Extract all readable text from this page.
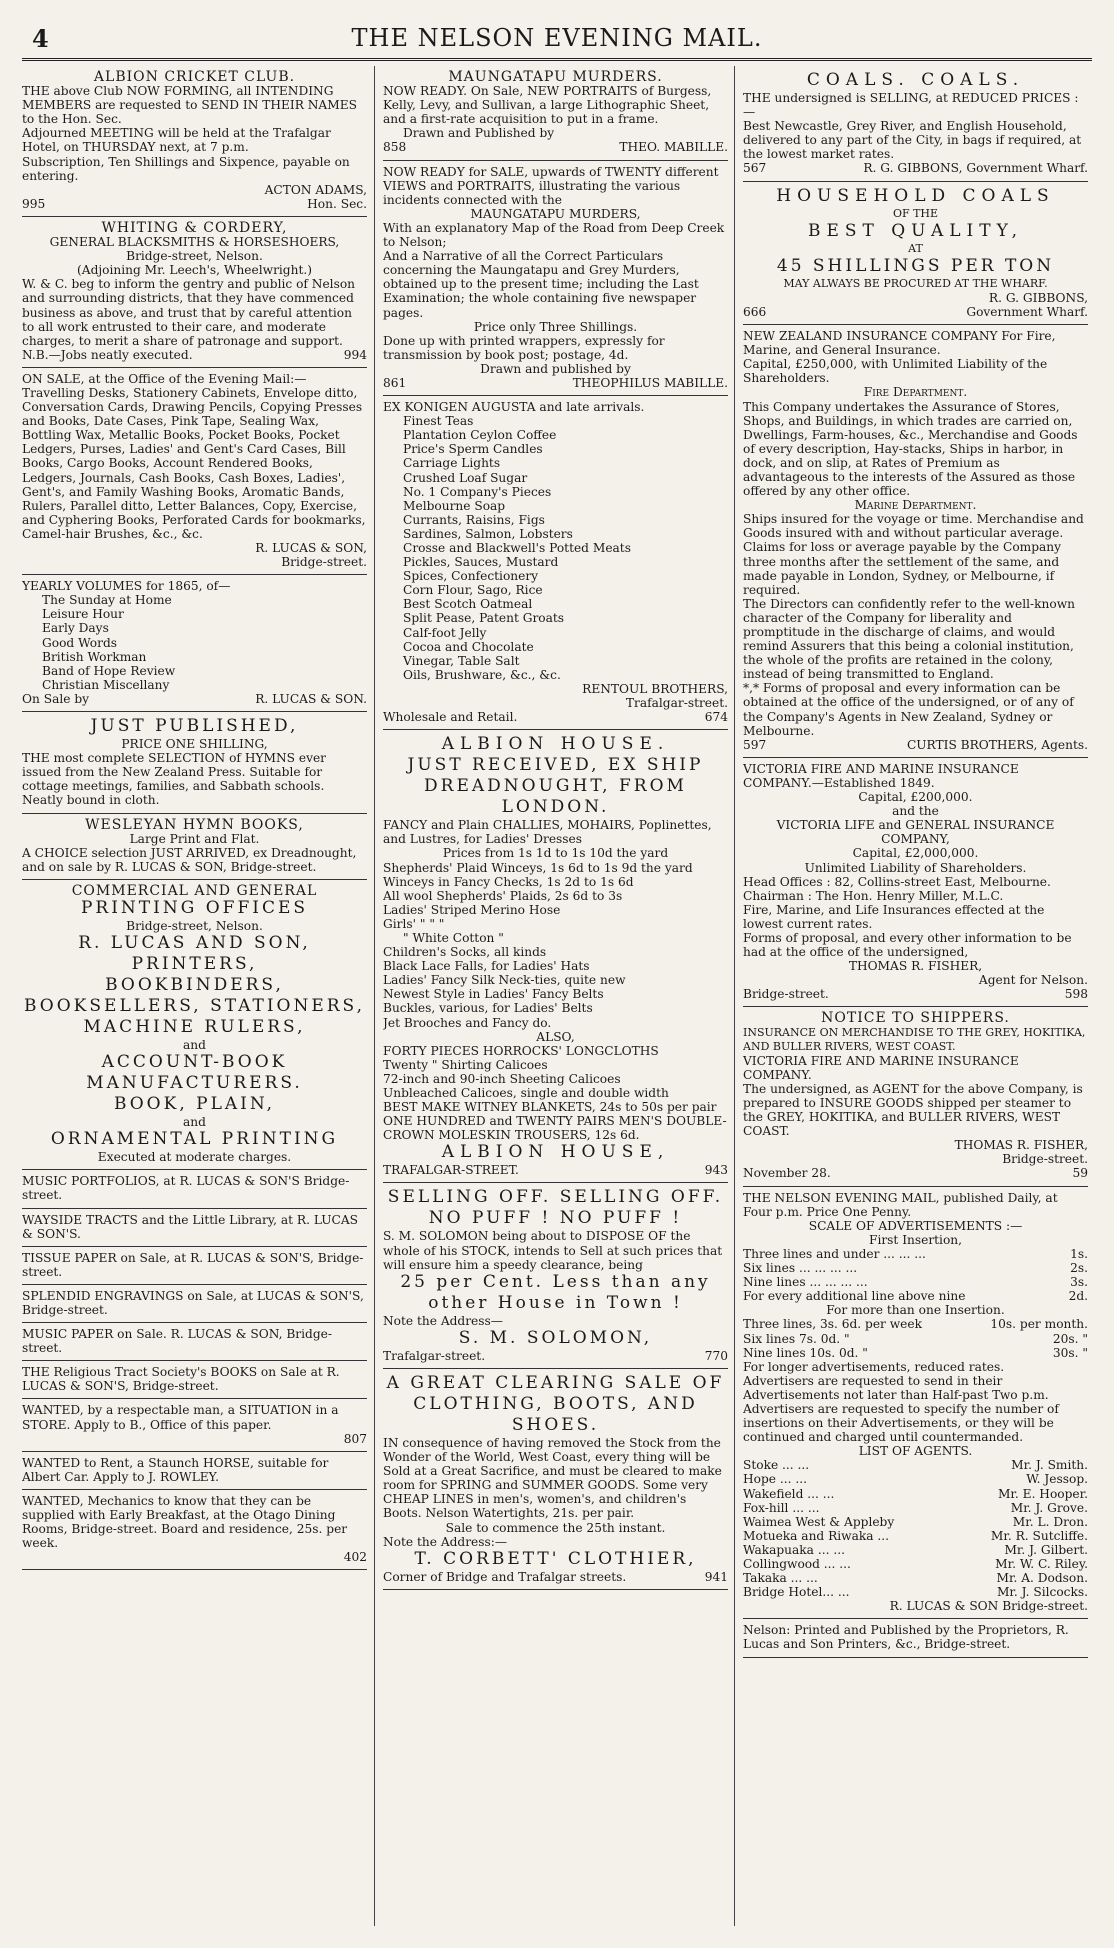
4	THE NELSON EVENING MAIL.

ALBION CRICKET CLUB.

THE above Club NOW FORMING, all INTENDING MEMBERS are requested to SEND IN THEIR NAMES to the Hon. Sec.

Adjourned MEETING will be held at the Trafalgar Hotel, on THURSDAY next, at 7 p.m.

Subscription, Ten Shillings and Sixpence, payable on entering.

ACTON ADAMS,

995	Hon. Sec.

WHITING & CORDERY,

GENERAL BLACKSMITHS & HORSESHOERS,

Bridge-street, Nelson.

(Adjoining Mr. Leech's, Wheelwright.)

W. & C. beg to inform the gentry and public of Nelson and surrounding districts, that they have commenced business as above, and trust that by careful attention to all work entrusted to their care, and moderate charges, to merit a share of patronage and support.

N.B.—Jobs neatly executed.	994

ON SALE, at the Office of the Evening Mail:—Travelling Desks, Stationery Cabinets, Envelope ditto, Conversation Cards, Drawing Pencils, Copying Presses and Books, Date Cases, Pink Tape, Sealing Wax, Bottling Wax, Metallic Books, Pocket Books, Pocket Ledgers, Purses, Ladies' and Gent's Card Cases, Bill Books, Cargo Books, Account Rendered Books, Ledgers, Journals, Cash Books, Cash Boxes, Ladies', Gent's, and Family Washing Books, Aromatic Bands, Rulers, Parallel ditto, Letter Balances, Copy, Exercise, and Cyphering Books, Perforated Cards for bookmarks, Camel-hair Brushes, &c., &c.

R. LUCAS & SON,

Bridge-street.

YEARLY VOLUMES for 1865, of—

The Sunday at Home

Leisure Hour

Early Days

Good Words

British Workman

Band of Hope Review

Christian Miscellany

On Sale by	R. LUCAS & SON.

JUST PUBLISHED,

PRICE ONE SHILLING,

THE most complete SELECTION of HYMNS ever issued from the New Zealand Press. Suitable for cottage meetings, families, and Sabbath schools. Neatly bound in cloth.

WESLEYAN HYMN BOOKS,

Large Print and Flat.

A CHOICE selection JUST ARRIVED, ex Dreadnought, and on sale by R. LUCAS & SON, Bridge-street.

COMMERCIAL AND GENERAL

PRINTING OFFICES

Bridge-street, Nelson.

R. LUCAS AND SON,

PRINTERS,

BOOKBINDERS,

BOOKSELLERS, STATIONERS,

MACHINE RULERS,

and

ACCOUNT-BOOK MANUFACTURERS.

BOOK, PLAIN,

and

ORNAMENTAL PRINTING

Executed at moderate charges.

MUSIC PORTFOLIOS, at R. LUCAS & SON'S Bridge-street.

WAYSIDE TRACTS and the Little Library, at R. LUCAS & SON'S.

TISSUE PAPER on Sale, at R. LUCAS & SON'S, Bridge-street.

SPLENDID ENGRAVINGS on Sale, at LUCAS & SON'S, Bridge-street.

MUSIC PAPER on Sale. R. LUCAS & SON, Bridge-street.

THE Religious Tract Society's BOOKS on Sale at R. LUCAS & SON'S, Bridge-street.

WANTED, by a respectable man, a SITUATION in a STORE. Apply to B., Office of this paper.

807

WANTED to Rent, a Staunch HORSE, suitable for Albert Car. Apply to J. ROWLEY.

WANTED, Mechanics to know that they can be supplied with Early Breakfast, at the Otago Dining Rooms, Bridge-street. Board and residence, 25s. per week.

402

MAUNGATAPU MURDERS.

NOW READY. On Sale, NEW PORTRAITS of Burgess, Kelly, Levy, and Sullivan, a large Lithographic Sheet, and a first-rate acquisition to put in a frame.

Drawn and Published by

858	THEO. MABILLE.

NOW READY for SALE, upwards of TWENTY different VIEWS and PORTRAITS, illustrating the various incidents connected with the

MAUNGATAPU MURDERS,

With an explanatory Map of the Road from Deep Creek to Nelson;

And a Narrative of all the Correct Particulars concerning the Maungatapu and Grey Murders, obtained up to the present time; including the Last Examination; the whole containing five newspaper pages.

Price only Three Shillings.

Done up with printed wrappers, expressly for transmission by book post; postage, 4d.

Drawn and published by

861	THEOPHILUS MABILLE.

EX KONIGEN AUGUSTA and late arrivals.

Finest Teas

Plantation Ceylon Coffee

Price's Sperm Candles

Carriage Lights

Crushed Loaf Sugar

No. 1 Company's Pieces

Melbourne Soap

Currants, Raisins, Figs

Sardines, Salmon, Lobsters

Crosse and Blackwell's Potted Meats

Pickles, Sauces, Mustard

Spices, Confectionery

Corn Flour, Sago, Rice

Best Scotch Oatmeal

Split Pease, Patent Groats

Calf-foot Jelly

Cocoa and Chocolate

Vinegar, Table Salt

Oils, Brushware, &c., &c.

RENTOUL BROTHERS,

Trafalgar-street.

Wholesale and Retail.	674

ALBION HOUSE.

JUST RECEIVED, EX SHIP DREADNOUGHT, FROM LONDON.

FANCY and Plain CHALLIES, MOHAIRS, Poplinettes, and Lustres, for Ladies' Dresses

Prices from 1s 1d to 1s 10d the yard

Shepherds' Plaid Winceys, 1s 6d to 1s 9d the yard

Winceys in Fancy Checks, 1s 2d to 1s 6d

All wool Shepherds' Plaids, 2s 6d to 3s

Ladies' Striped Merino Hose

Girls' " " "

" White Cotton "

Children's Socks, all kinds

Black Lace Falls, for Ladies' Hats

Ladies' Fancy Silk Neck-ties, quite new

Newest Style in Ladies' Fancy Belts

Buckles, various, for Ladies' Belts

Jet Brooches and Fancy do.

ALSO,

FORTY PIECES HORROCKS' LONGCLOTHS

Twenty " Shirting Calicoes

72-inch and 90-inch Sheeting Calicoes

Unbleached Calicoes, single and double width

BEST MAKE WITNEY BLANKETS, 24s to 50s per pair

ONE HUNDRED and TWENTY PAIRS MEN'S DOUBLE-CROWN MOLESKIN TROUSERS, 12s 6d.

ALBION HOUSE,

TRAFALGAR-STREET.	943

SELLING OFF. SELLING OFF.

NO PUFF ! NO PUFF !

S. M. SOLOMON being about to DISPOSE OF the whole of his STOCK, intends to Sell at such prices that will ensure him a speedy clearance, being

25 per Cent. Less than any other House in Town !

Note the Address—

S. M. SOLOMON,

Trafalgar-street.	770

A GREAT CLEARING SALE OF CLOTHING, BOOTS, AND SHOES.

IN consequence of having removed the Stock from the Wonder of the World, West Coast, every thing will be Sold at a Great Sacrifice, and must be cleared to make room for SPRING and SUMMER GOODS. Some very CHEAP LINES in men's, women's, and children's Boots. Nelson Watertights, 21s. per pair.

Sale to commence the 25th instant.

Note the Address:—

T. CORBETT' CLOTHIER,

Corner of Bridge and Trafalgar streets.	941

COALS. COALS.

THE undersigned is SELLING, at REDUCED PRICES :—

Best Newcastle, Grey River, and English Household, delivered to any part of the City, in bags if required, at the lowest market rates.

567	R. G. GIBBONS, Government Wharf.

HOUSEHOLD COALS

OF THE

BEST QUALITY,

AT

45 SHILLINGS PER TON

MAY ALWAYS BE PROCURED AT THE WHARF.

R. G. GIBBONS,

666	Government Wharf.

NEW ZEALAND INSURANCE COMPANY For Fire, Marine, and General Insurance.

Capital, £250,000, with Unlimited Liability of the Shareholders.

Fire Department.

This Company undertakes the Assurance of Stores, Shops, and Buildings, in which trades are carried on, Dwellings, Farm-houses, &c., Merchandise and Goods of every description, Hay-stacks, Ships in harbor, in dock, and on slip, at Rates of Premium as advantageous to the interests of the Assured as those offered by any other office.

Marine Department.

Ships insured for the voyage or time. Merchandise and Goods insured with and without particular average. Claims for loss or average payable by the Company three months after the settlement of the same, and made payable in London, Sydney, or Melbourne, if required.

The Directors can confidently refer to the well-known character of the Company for liberality and promptitude in the discharge of claims, and would remind Assurers that this being a colonial institution, the whole of the profits are retained in the colony, instead of being transmitted to England.

*,* Forms of proposal and every information can be obtained at the office of the undersigned, or of any of the Company's Agents in New Zealand, Sydney or Melbourne.

597	CURTIS BROTHERS, Agents.

VICTORIA FIRE AND MARINE INSURANCE COMPANY.—Established 1849.

Capital, £200,000.

and the

VICTORIA LIFE and GENERAL INSURANCE COMPANY,

Capital, £2,000,000.

Unlimited Liability of Shareholders.

Head Offices : 82, Collins-street East, Melbourne.

Chairman : The Hon. Henry Miller, M.L.C.

Fire, Marine, and Life Insurances effected at the lowest current rates.

Forms of proposal, and every other information to be had at the office of the undersigned,

THOMAS R. FISHER,

Agent for Nelson.

Bridge-street.	598

NOTICE TO SHIPPERS.

INSURANCE ON MERCHANDISE TO THE GREY, HOKITIKA, AND BULLER RIVERS, WEST COAST.

VICTORIA FIRE AND MARINE INSURANCE COMPANY.

The undersigned, as AGENT for the above Company, is prepared to INSURE GOODS shipped per steamer to the GREY, HOKITIKA, and BULLER RIVERS, WEST COAST.

THOMAS R. FISHER,

Bridge-street.

November 28.	59

THE NELSON EVENING MAIL, published Daily, at Four p.m. Price One Penny.

SCALE OF ADVERTISEMENTS :—

First Insertion,

Three lines and under ... ... ...	1s.
Six lines ... ... ... ...	2s.
Nine lines ... ... ... ...	3s.
For every additional line above nine	2d.

For more than one Insertion.

Three lines, 3s. 6d. per week	10s. per month.
Six lines 7s. 0d. "	20s. "
Nine lines 10s. 0d. "	30s. "

For longer advertisements, reduced rates.

Advertisers are requested to send in their Advertisements not later than Half-past Two p.m.

Advertisers are requested to specify the number of insertions on their Advertisements, or they will be continued and charged until countermanded.

LIST OF AGENTS.

Stoke ... ...	Mr. J. Smith.
Hope ... ...	W. Jessop.
Wakefield ... ...	Mr. E. Hooper.
Fox-hill ... ...	Mr. J. Grove.
Waimea West & Appleby	Mr. L. Dron.
Motueka and Riwaka ...	Mr. R. Sutcliffe.
Wakapuaka ... ...	Mr. J. Gilbert.
Collingwood ... ...	Mr. W. C. Riley.
Takaka ... ...	Mr. A. Dodson.
Bridge Hotel... ...	Mr. J. Silcocks.

R. LUCAS & SON Bridge-street.

Nelson: Printed and Published by the Proprietors, R. Lucas and Son Printers, &c., Bridge-street.
